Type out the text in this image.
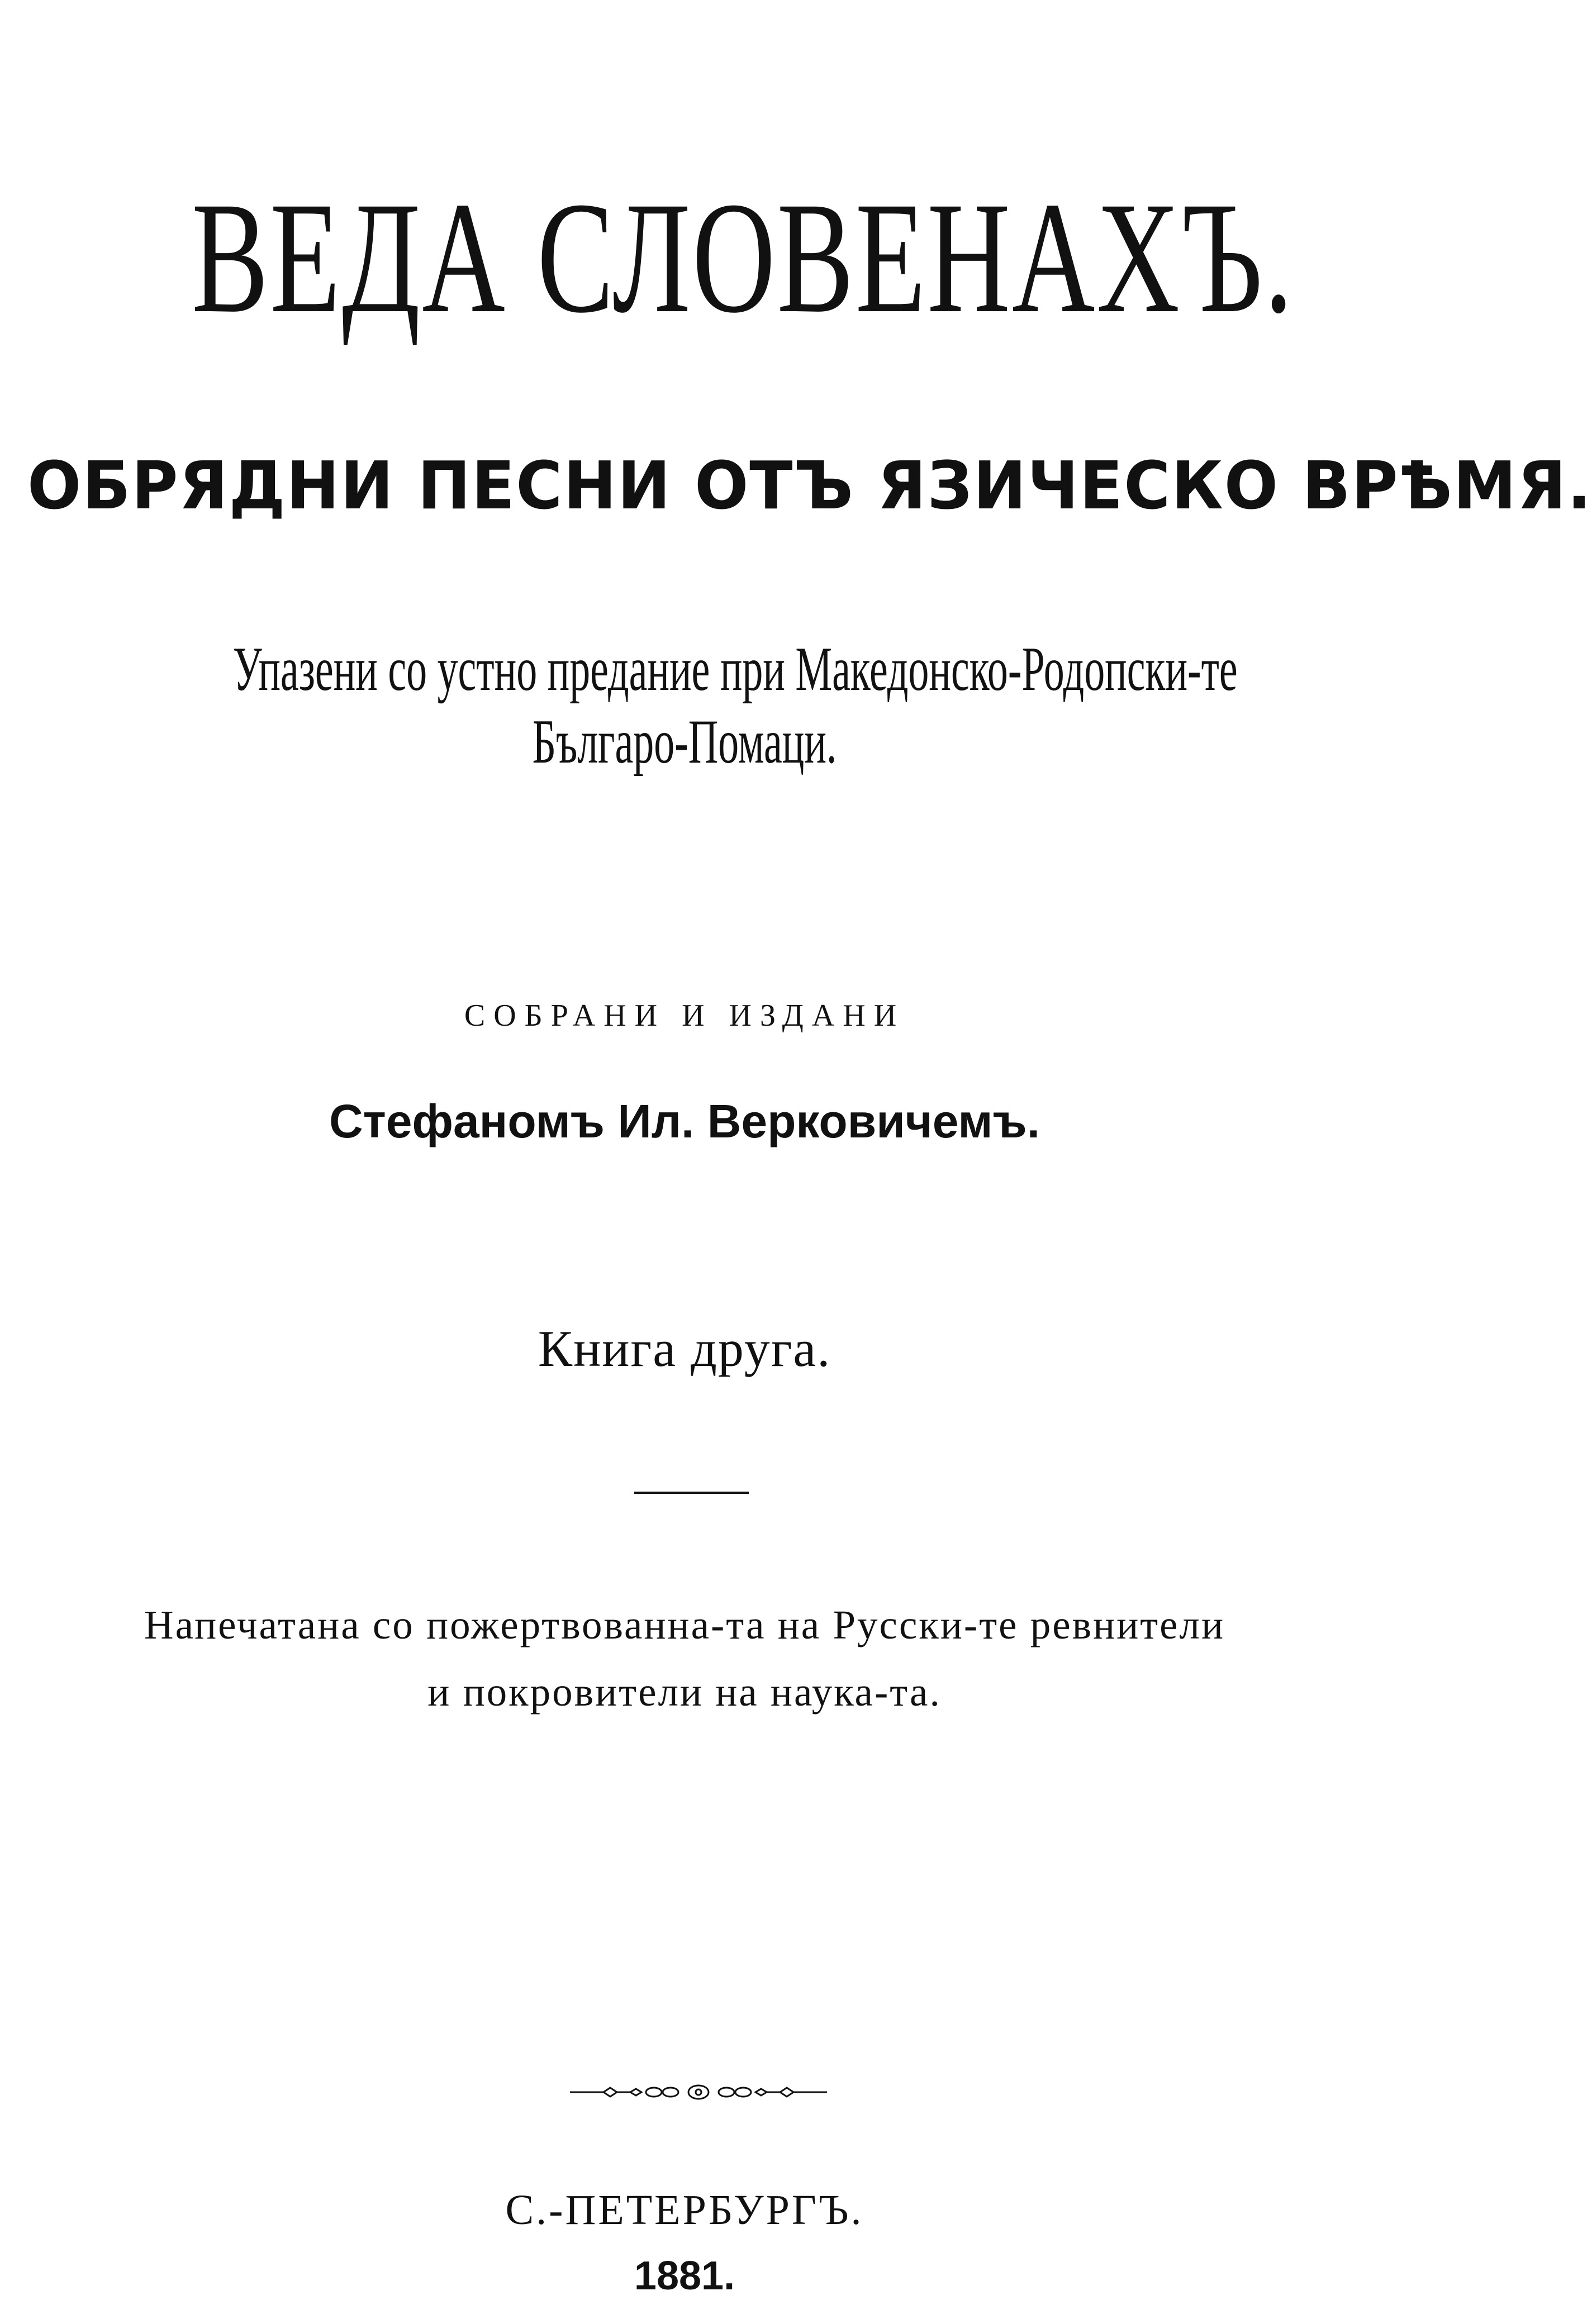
ВЕДА СЛОВЕНАХЪ.
ОБРЯДНИ ПЕСНИ ОТЪ ЯЗИЧЕСКО ВРѢМЯ.
Упазени со устно предание при Македонско-Родопски-те
Българо-Помаци.
СОБРАНИ И ИЗДАНИ
Стефаномъ Ил. Верковичемъ.
Книга друга.
Напечатана со пожертвованна-та на Русски-те ревнители
и покровители на наука-та.
С.-ПЕТЕРБУРГЪ.
1881.
